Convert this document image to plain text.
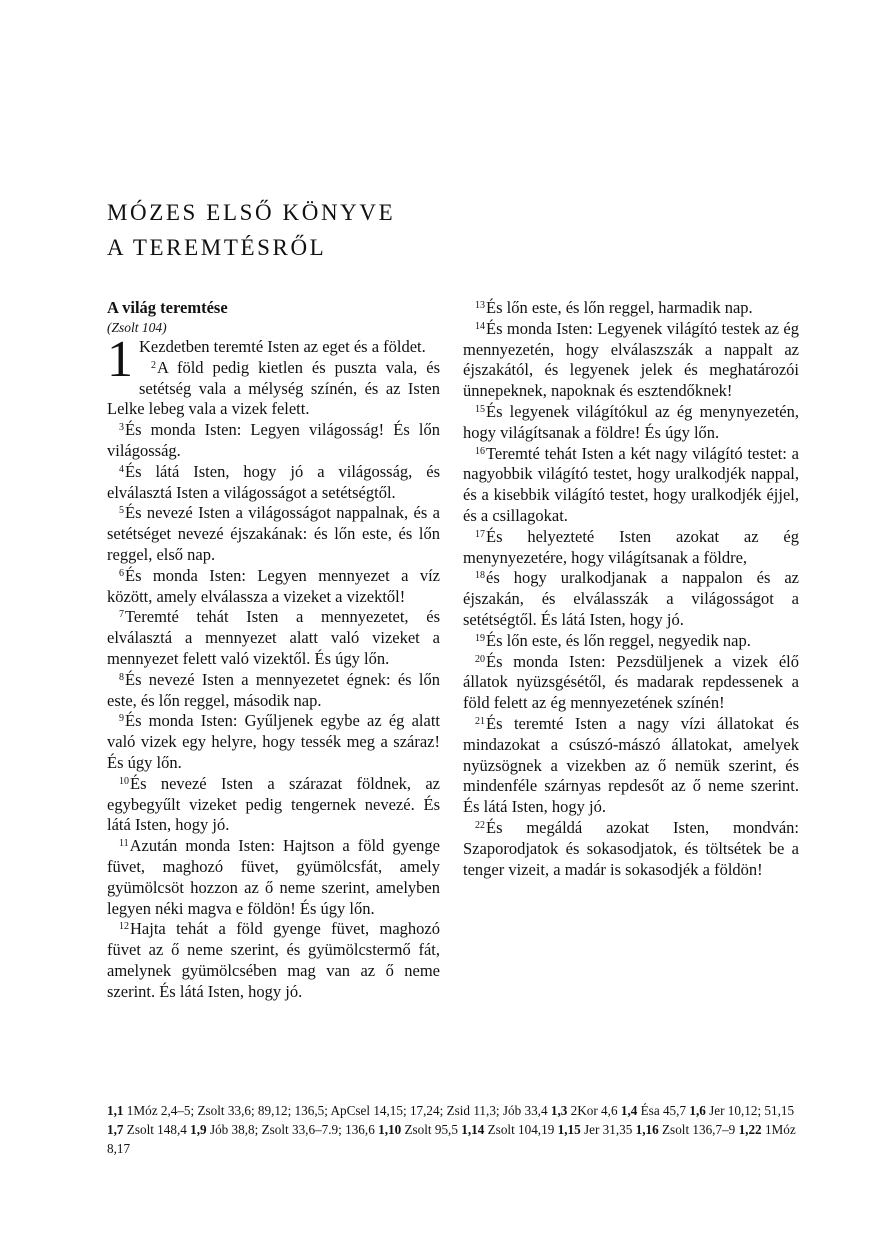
MÓZES ELSŐ KÖNYVE
A TEREMTÉSRŐL
A világ teremtése
(Zsolt 104)

1 Kezdetben teremté Isten az eget és a földet.

$^2$A föld pedig kietlen és puszta vala, és setétség vala a mélység színén, és az Isten Lelke lebeg vala a vizek felett.

$^3$És monda Isten: Legyen világosság! És lőn világosság.

$^4$És látá Isten, hogy jó a világosság, és elválasztá Isten a világosságot a setétségtől.

$^5$És nevezé Isten a világosságot nappalnak, és a setétséget nevezé éjszakának: és lőn este, és lőn reggel, első nap.

$^6$És monda Isten: Legyen mennyezet a víz között, amely elválassza a vizeket a vizektől!

$^7$Teremté tehát Isten a mennyezetet, és elválasztá a mennyezet alatt való vizeket a mennyezet felett való vizektől. És úgy lőn.

$^8$És nevezé Isten a mennyezetet égnek: és lőn este, és lőn reggel, második nap.

$^9$És monda Isten: Gyűljenek egybe az ég alatt való vizek egy helyre, hogy tessék meg a száraz! És úgy lőn.

$^{10}$És nevezé Isten a szárazat földnek, az egybegyűlt vizeket pedig tengernek nevezé. És látá Isten, hogy jó.

$^{11}$Azután monda Isten: Hajtson a föld gyenge füvet, maghozó füvet, gyümölcsfát, amely gyümölcsöt hozzon az ő neme szerint, amelyben legyen néki magva e földön! És úgy lőn.

$^{12}$Hajta tehát a föld gyenge füvet, maghozó füvet az ő neme szerint, és gyümölcstermő fát, amelynek gyümölcsében mag van az ő neme szerint. És látá Isten, hogy jó.

$^{13}$És lőn este, és lőn reggel, harmadik nap.

$^{14}$És monda Isten: Legyenek világító testek az ég mennyezetén, hogy elválaszszák a nappalt az éjszakától, és legyenek jelek és meghatározói ünnepeknek, napoknak és esztendőknek!

$^{15}$És legyenek világítókul az ég menynyezetén, hogy világítsanak a földre! És úgy lőn.

$^{16}$Teremté tehát Isten a két nagy világító testet: a nagyobbik világító testet, hogy uralkodjék nappal, és a kisebbik világító testet, hogy uralkodjék éjjel, és a csillagokat.

$^{17}$És helyezteté Isten azokat az ég menynyezetére, hogy világítsanak a földre,

$^{18}$és hogy uralkodjanak a nappalon és az éjszakán, és elválasszák a világosságot a setétségtől. És látá Isten, hogy jó.

$^{19}$És lőn este, és lőn reggel, negyedik nap.

$^{20}$És monda Isten: Pezsdüljenek a vizek élő állatok nyüzsgésétől, és madarak repdessenek a föld felett az ég mennyezetének színén!

$^{21}$És teremté Isten a nagy vízi állatokat és mindazokat a csúszó-mászó állatokat, amelyek nyüzsögnek a vizekben az ő nemük szerint, és mindenféle szárnyas repdesőt az ő neme szerint. És látá Isten, hogy jó.

$^{22}$És megáldá azokat Isten, mondván: Szaporodjatok és sokasodjatok, és töltsétek be a tenger vizeit, a madár is sokasodjék a földön!

1,1 1Móz 2,4–5; Zsolt 33,6; 89,12; 136,5; ApCsel 14,15; 17,24; Zsid 11,3; Jób 33,4 1,3 2Kor 4,6 1,4 Ésa 45,7 1,6 Jer 10,12; 51,15 1,7 Zsolt 148,4 1,9 Jób 38,8; Zsolt 33,6–7.9; 136,6 1,10 Zsolt 95,5 1,14 Zsolt 104,19 1,15 Jer 31,35 1,16 Zsolt 136,7–9 1,22 1Móz 8,17
